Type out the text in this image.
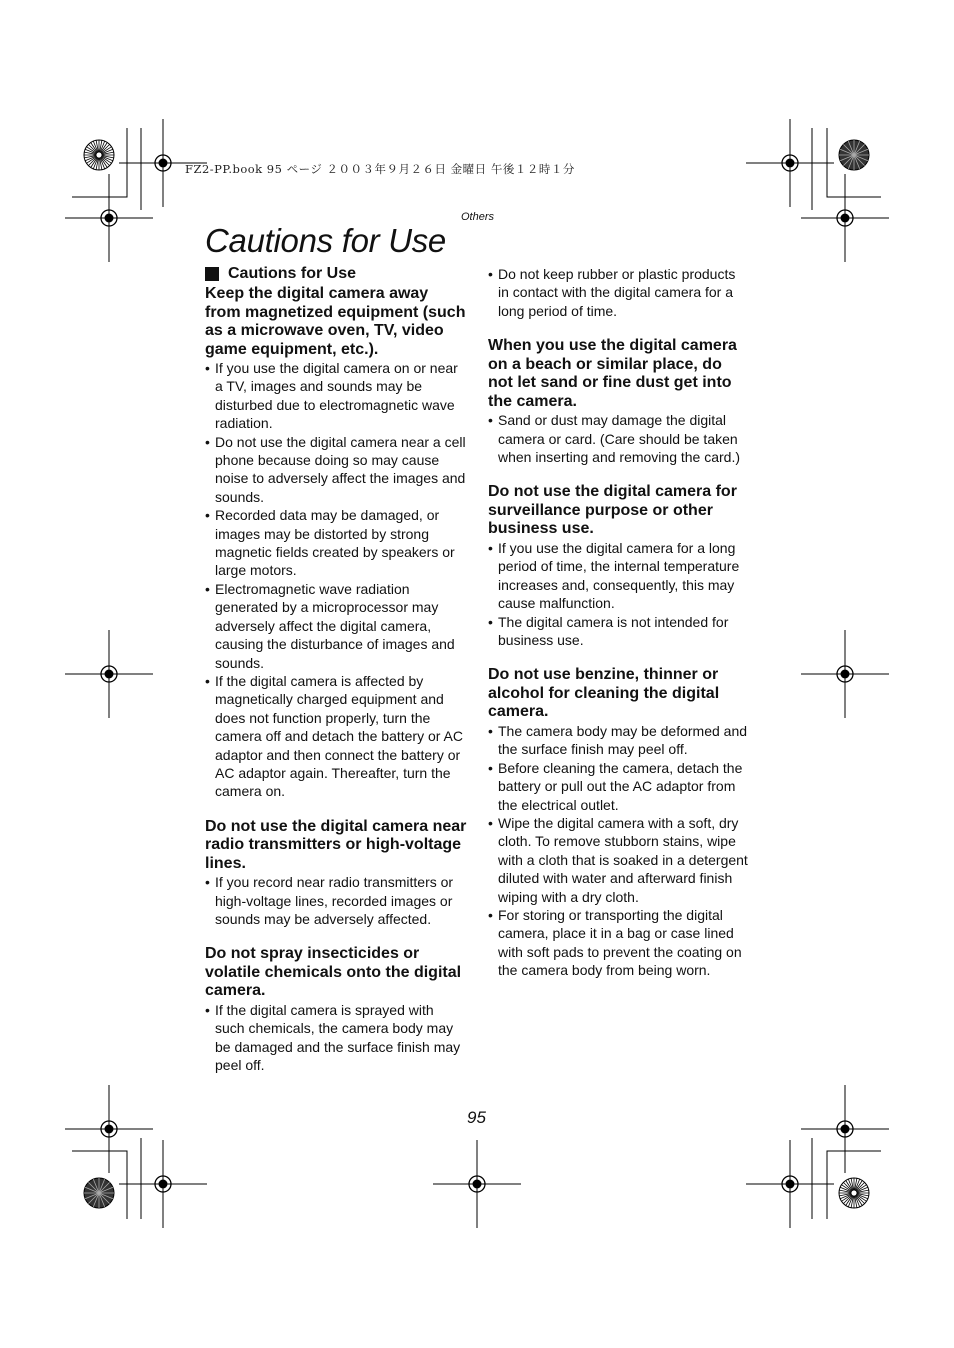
FZ2-PP.book 95 ページ ２００３年９月２６日 金曜日 午後１２時１分
Others
Cautions for Use
Cautions for Use
Keep the digital camera away from magnetized equipment (such as a microwave oven, TV, video game equipment, etc.).
• If you use the digital camera on or near a TV, images and sounds may be disturbed due to electromagnetic wave radiation.
• Do not use the digital camera near a cell phone because doing so may cause noise to adversely affect the images and sounds.
• Recorded data may be damaged, or images may be distorted by strong magnetic fields created by speakers or large motors.
• Electromagnetic wave radiation generated by a microprocessor may adversely affect the digital camera, causing the disturbance of images and sounds.
• If the digital camera is affected by magnetically charged equipment and does not function properly, turn the camera off and detach the battery or AC adaptor and then connect the battery or AC adaptor again. Thereafter, turn the camera on.
Do not use the digital camera near radio transmitters or high-voltage lines.
• If you record near radio transmitters or high-voltage lines, recorded images or sounds may be adversely affected.
Do not spray insecticides or volatile chemicals onto the digital camera.
• If the digital camera is sprayed with such chemicals, the camera body may be damaged and the surface finish may peel off.
• Do not keep rubber or plastic products in contact with the digital camera for a long period of time.
When you use the digital camera on a beach or similar place, do not let sand or fine dust get into the camera.
• Sand or dust may damage the digital camera or card. (Care should be taken when inserting and removing the card.)
Do not use the digital camera for surveillance purpose or other business use.
• If you use the digital camera for a long period of time, the internal temperature increases and, consequently, this may cause malfunction.
• The digital camera is not intended for business use.
Do not use benzine, thinner or alcohol for cleaning the digital camera.
• The camera body may be deformed and the surface finish may peel off.
• Before cleaning the camera, detach the battery or pull out the AC adaptor from the electrical outlet.
• Wipe the digital camera with a soft, dry cloth. To remove stubborn stains, wipe with a cloth that is soaked in a detergent diluted with water and afterward finish wiping with a dry cloth.
• For storing or transporting the digital camera, place it in a bag or case lined with soft pads to prevent the coating on the camera body from being worn.
95
